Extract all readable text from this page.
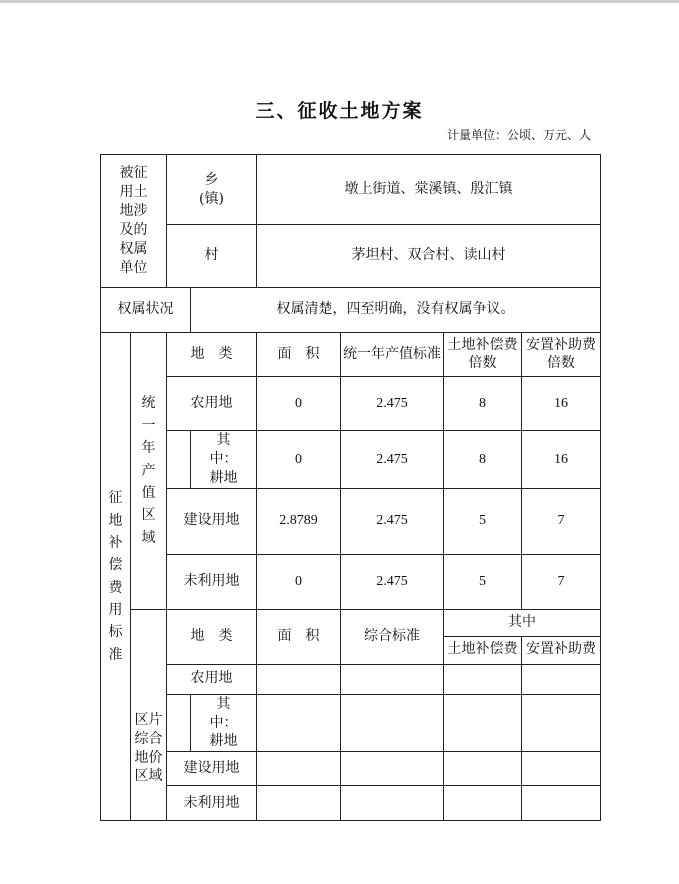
三、征收土地方案
计量单位：公顷、万元、人
被征用土地涉及的权属单位		乡(镇)		墩上街道、棠溪镇、殷汇镇			
		村		茅坦村、双合村、读山村			
权属状况			权属清楚，四至明确，没有权属争议。				
征地补偿费用标准	统一年产值区域	地　类		面　积	统一年产值标准	土地补偿费倍数	安置补助费倍数
		农用地		0	2.475	8	16
			其中：耕地	0	2.475	8	16
		建设用地		2.8789	2.475	5	7
		未利用地		0	2.475	5	7
	区片综合地价区域	地　类		面　积	综合标准	其中	
						土地补偿费	安置补助费
		农用地					
			其中：耕地				
		建设用地					
		未利用地					
